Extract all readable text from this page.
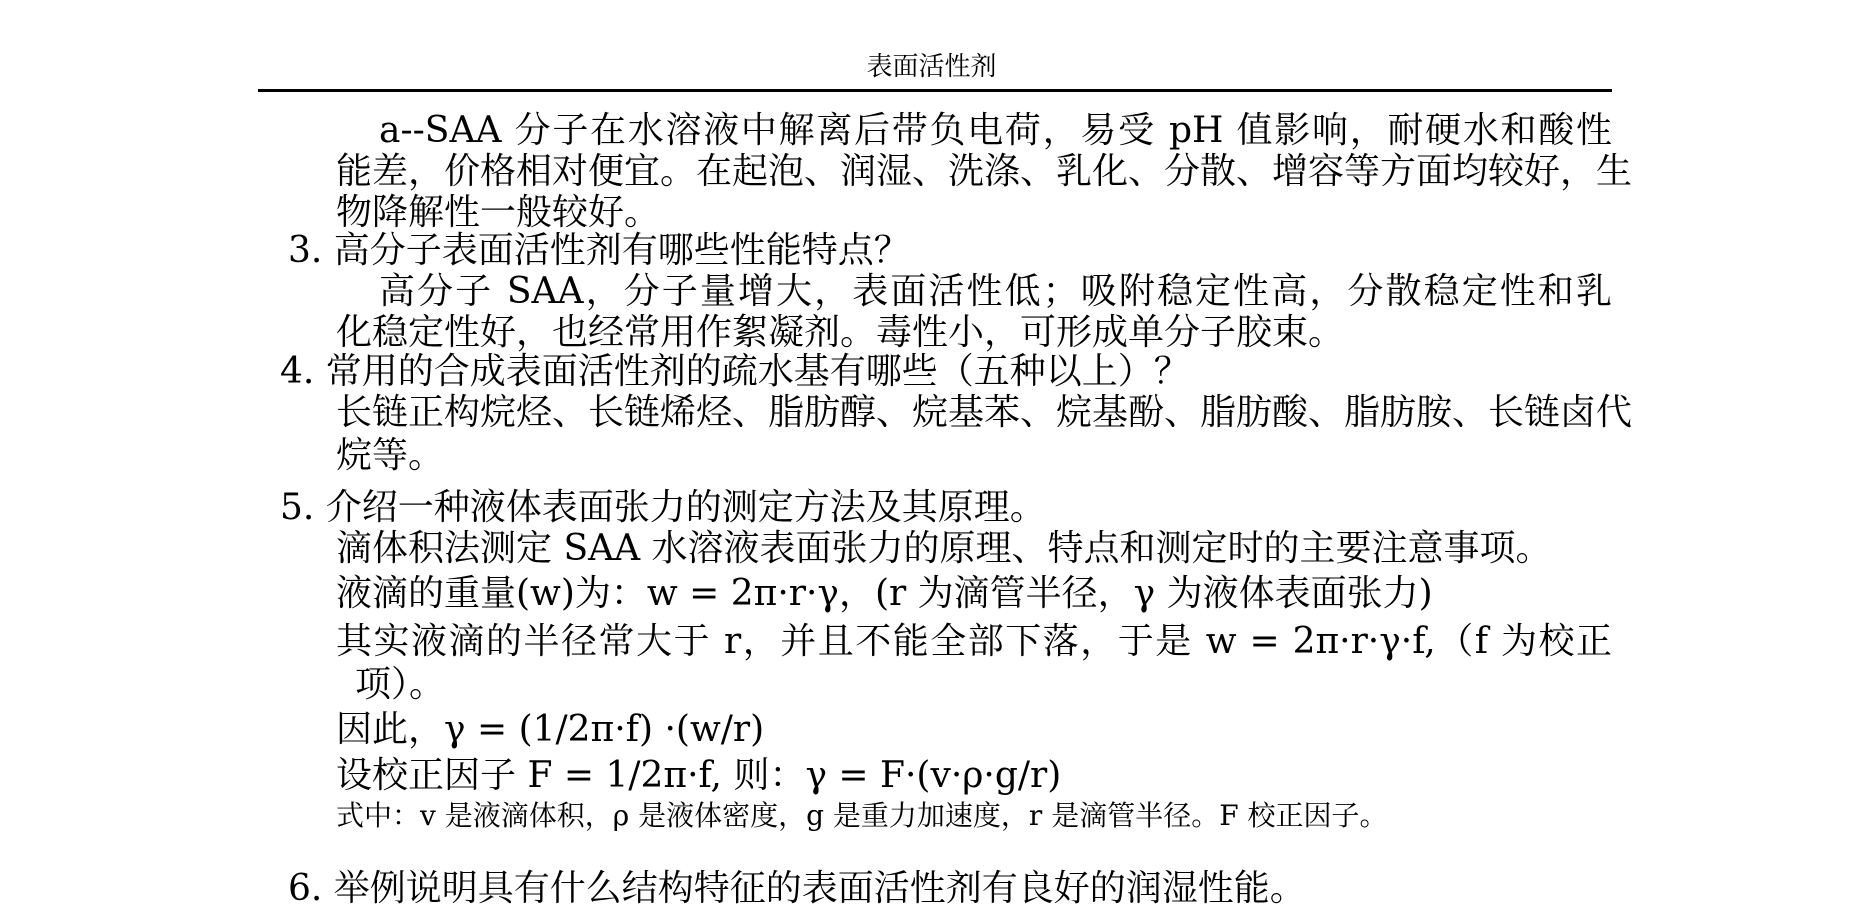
表面活性剂
a--SAA 分子在水溶液中解离后带负电荷，易受 pH 值影响，耐硬水和酸性
能差，价格相对便宜。在起泡、润湿、洗涤、乳化、分散、增容等方面均较好，生
物降解性一般较好。
3. 高分子表面活性剂有哪些性能特点？
高分子 SAA，分子量增大，表面活性低；吸附稳定性高，分散稳定性和乳
化稳定性好，也经常用作絮凝剂。毒性小，可形成单分子胶束。
4. 常用的合成表面活性剂的疏水基有哪些（五种以上）？
长链正构烷烃、长链烯烃、脂肪醇、烷基苯、烷基酚、脂肪酸、脂肪胺、长链卤代
烷等。
5. 介绍一种液体表面张力的测定方法及其原理。
滴体积法测定 SAA 水溶液表面张力的原理、特点和测定时的主要注意事项。
液滴的重量(w)为：w = 2π·r·γ，(r 为滴管半径，γ 为液体表面张力)
其实液滴的半径常大于 r，并且不能全部下落，于是 w = 2π·r·γ·f,（f 为校正
项）。
因此，γ = (1/2π·f) ·(w/r)
设校正因子 F = 1/2π·f, 则：γ = F·(v·ρ·g/r)
式中：v 是液滴体积，ρ 是液体密度，g 是重力加速度，r 是滴管半径。F 校正因子。
6. 举例说明具有什么结构特征的表面活性剂有良好的润湿性能。
